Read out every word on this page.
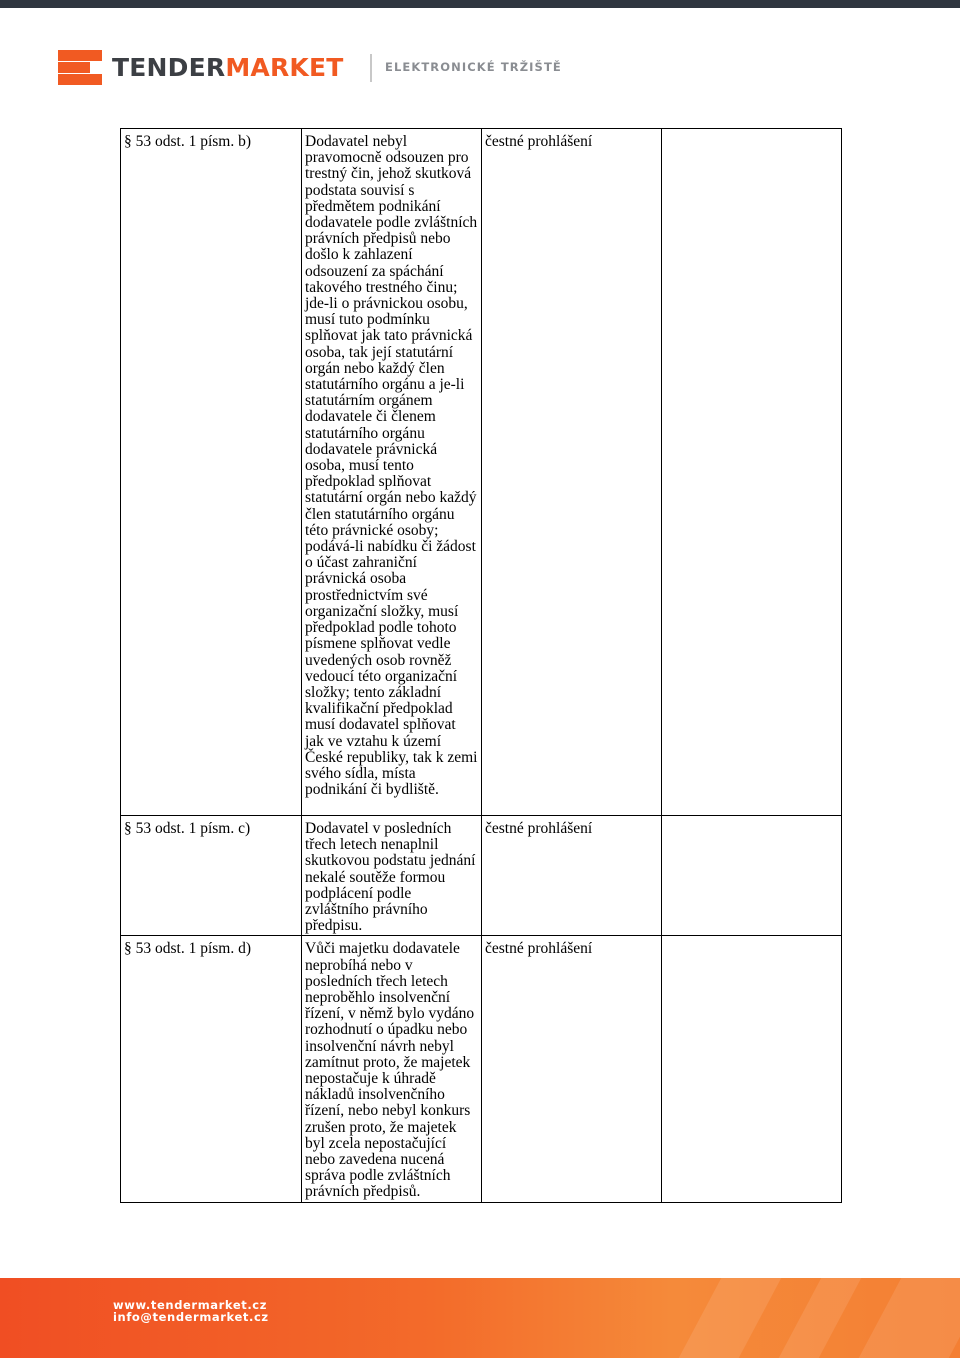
TENDERMARKET	ELEKTRONICKÉ TRŽIŠTĚ
§ 53 odst. 1 písm. b)	Dodavatel nebyl pravomocně odsouzen pro trestný čin, jehož skutková podstata souvisí s předmětem podnikání dodavatele podle zvláštních právních předpisů nebo došlo k zahlazení odsouzení za spáchání takového trestného činu; jde-li o právnickou osobu, musí tuto podmínku splňovat jak tato právnická osoba, tak její statutární orgán nebo každý člen statutárního orgánu a je-li statutárním orgánem dodavatele či členem statutárního orgánu dodavatele právnická osoba, musí tento předpoklad splňovat statutární orgán nebo každý člen statutárního orgánu této právnické osoby; podává-li nabídku či žádost o účast zahraniční právnická osoba prostřednictvím své organizační složky, musí předpoklad podle tohoto písmene splňovat vedle uvedených osob rovněž vedoucí této organizační složky; tento základní kvalifikační předpoklad musí dodavatel splňovat jak ve vztahu k území České republiky, tak k zemi svého sídla, místa podnikání či bydliště.	čestné prohlášení	
§ 53 odst. 1 písm. c)	Dodavatel v posledních třech letech nenaplnil skutkovou podstatu jednání nekalé soutěže formou podplácení podle zvláštního právního předpisu.	čestné prohlášení	
§ 53 odst. 1 písm. d)	Vůči majetku dodavatele neprobíhá nebo v posledních třech letech neproběhlo insolvenční řízení, v němž bylo vydáno rozhodnutí o úpadku nebo insolvenční návrh nebyl zamítnut proto, že majetek nepostačuje k úhradě nákladů insolvenčního řízení, nebo nebyl konkurs zrušen proto, že majetek byl zcela nepostačující nebo zavedena nucená správa podle zvláštních právních předpisů.	čestné prohlášení	
www.tendermarket.cz
info@tendermarket.cz
